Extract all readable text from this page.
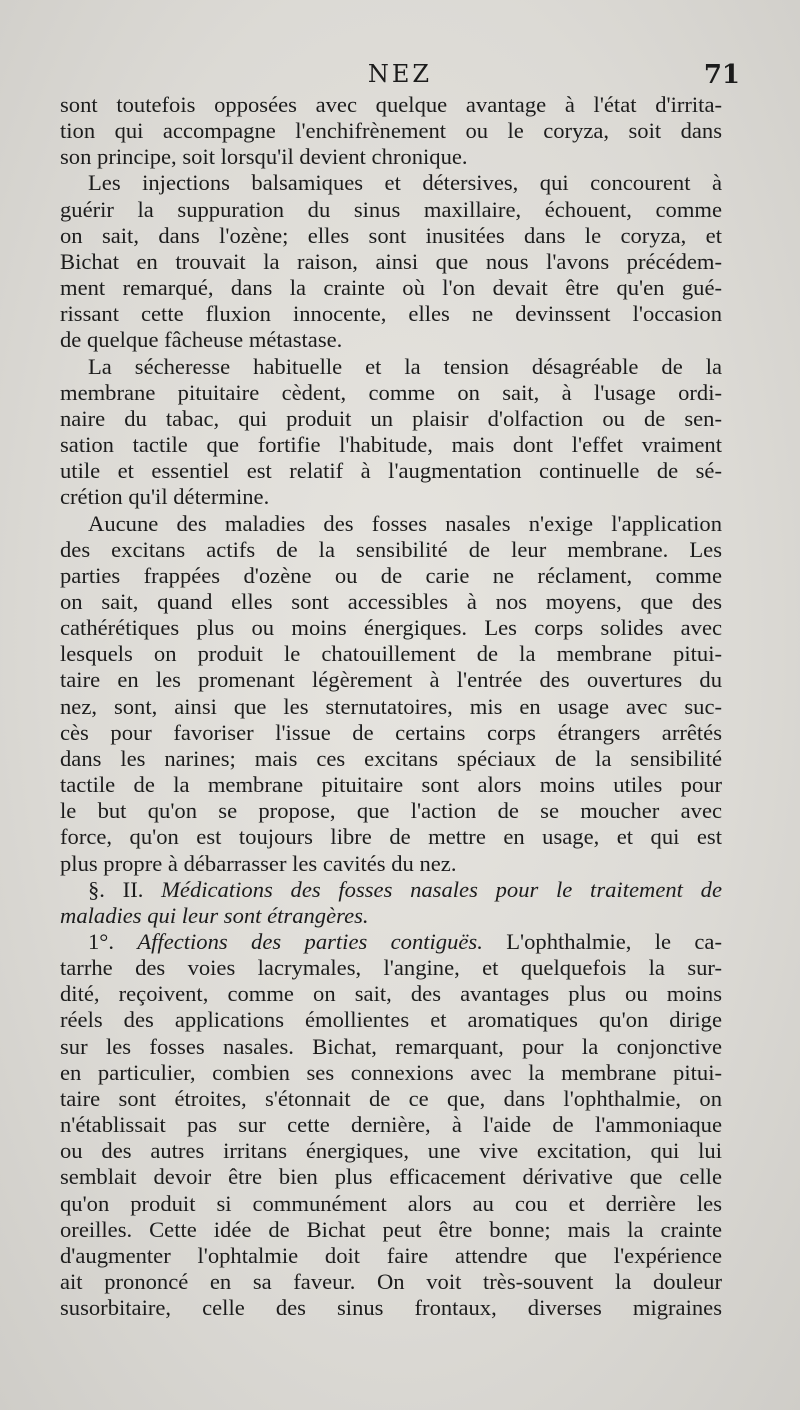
NEZ	71
sont toutefois opposées avec quelque avantage à l'état d'irrita-
tion qui accompagne l'enchifrènement ou le coryza, soit dans
son principe, soit lorsqu'il devient chronique.
Les injections balsamiques et détersives, qui concourent à
guérir la suppuration du sinus maxillaire, échouent, comme
on sait, dans l'ozène; elles sont inusitées dans le coryza, et
Bichat en trouvait la raison, ainsi que nous l'avons précédem-
ment remarqué, dans la crainte où l'on devait être qu'en gué-
rissant cette fluxion innocente, elles ne devinssent l'occasion
de quelque fâcheuse métastase.
La sécheresse habituelle et la tension désagréable de la
membrane pituitaire cèdent, comme on sait, à l'usage ordi-
naire du tabac, qui produit un plaisir d'olfaction ou de sen-
sation tactile que fortifie l'habitude, mais dont l'effet vraiment
utile et essentiel est relatif à l'augmentation continuelle de sé-
crétion qu'il détermine.
Aucune des maladies des fosses nasales n'exige l'application
des excitans actifs de la sensibilité de leur membrane. Les
parties frappées d'ozène ou de carie ne réclament, comme
on sait, quand elles sont accessibles à nos moyens, que des
cathérétiques plus ou moins énergiques. Les corps solides avec
lesquels on produit le chatouillement de la membrane pitui-
taire en les promenant légèrement à l'entrée des ouvertures du
nez, sont, ainsi que les sternutatoires, mis en usage avec suc-
cès pour favoriser l'issue de certains corps étrangers arrêtés
dans les narines; mais ces excitans spéciaux de la sensibilité
tactile de la membrane pituitaire sont alors moins utiles pour
le but qu'on se propose, que l'action de se moucher avec
force, qu'on est toujours libre de mettre en usage, et qui est
plus propre à débarrasser les cavités du nez.
§. II. Médications des fosses nasales pour le traitement de
maladies qui leur sont étrangères.
1°. Affections des parties contiguës. L'ophthalmie, le ca-
tarrhe des voies lacrymales, l'angine, et quelquefois la sur-
dité, reçoivent, comme on sait, des avantages plus ou moins
réels des applications émollientes et aromatiques qu'on dirige
sur les fosses nasales. Bichat, remarquant, pour la conjonctive
en particulier, combien ses connexions avec la membrane pitui-
taire sont étroites, s'étonnait de ce que, dans l'ophthalmie, on
n'établissait pas sur cette dernière, à l'aide de l'ammoniaque
ou des autres irritans énergiques, une vive excitation, qui lui
semblait devoir être bien plus efficacement dérivative que celle
qu'on produit si communément alors au cou et derrière les
oreilles. Cette idée de Bichat peut être bonne; mais la crainte
d'augmenter l'ophtalmie doit faire attendre que l'expérience
ait prononcé en sa faveur. On voit très-souvent la douleur
susorbitaire, celle des sinus frontaux, diverses migraines
